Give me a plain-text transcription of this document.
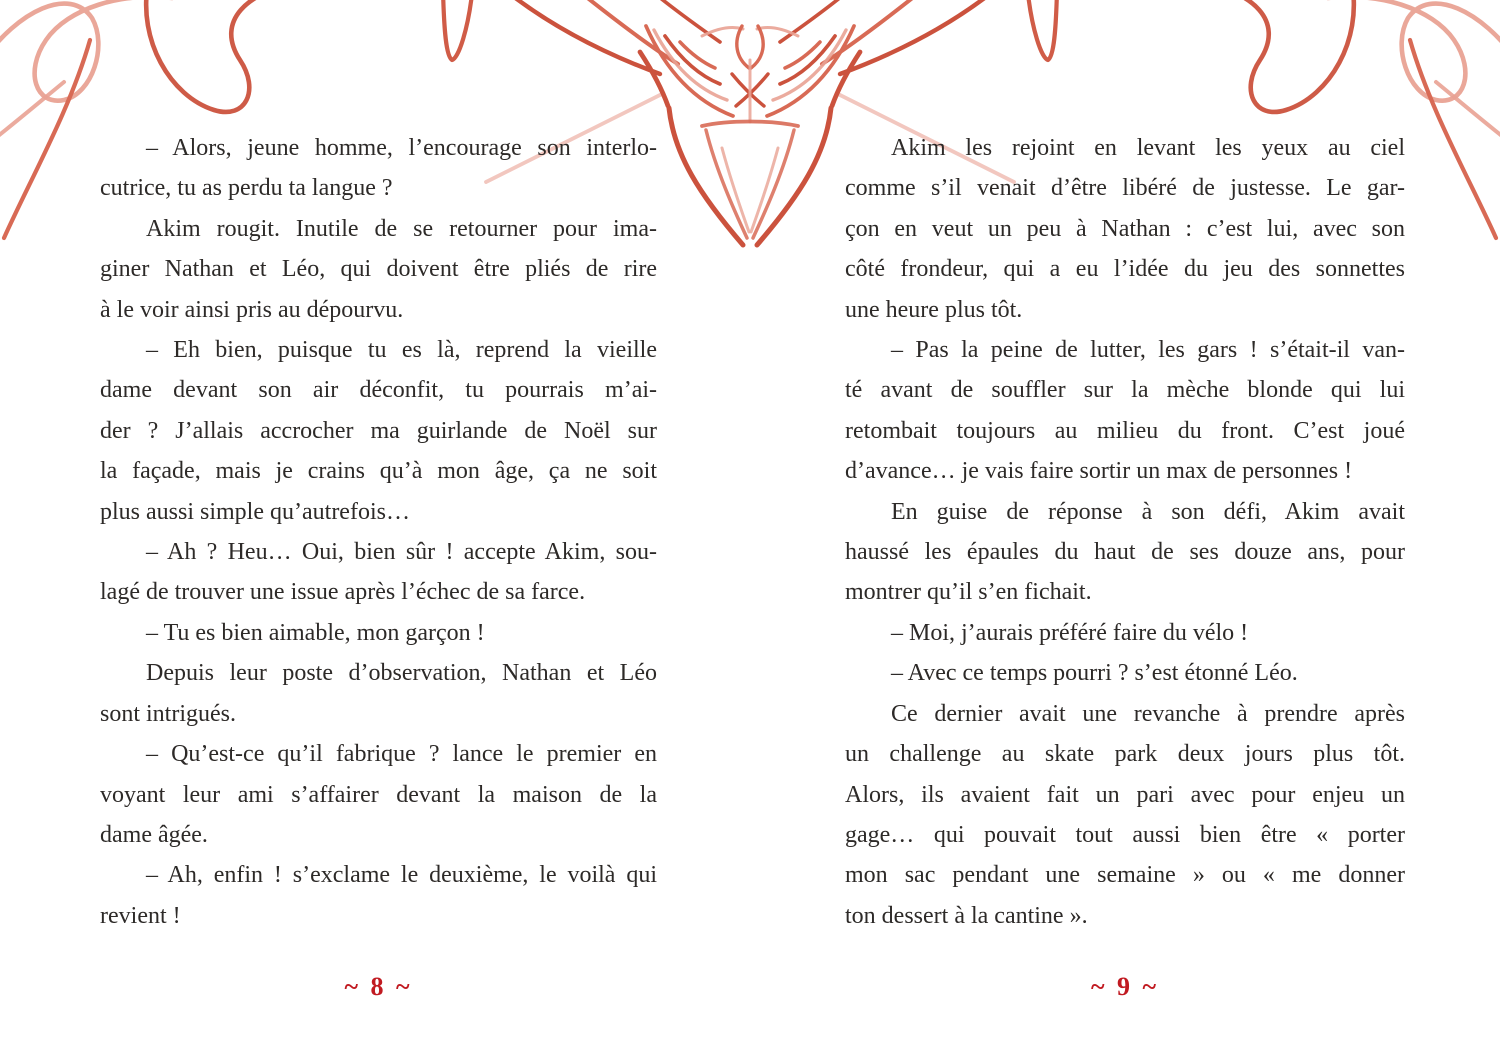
– Alors, jeune homme, l’encourage son interlo-
cutrice, tu as perdu ta langue ?
Akim rougit. Inutile de se retourner pour ima-
giner Nathan et Léo, qui doivent être pliés de rire
à le voir ainsi pris au dépourvu.
– Eh bien, puisque tu es là, reprend la vieille
dame devant son air déconfit, tu pourrais m’ai-
der ? J’allais accrocher ma guirlande de Noël sur
la façade, mais je crains qu’à mon âge, ça ne soit
plus aussi simple qu’autrefois…
– Ah ? Heu… Oui, bien sûr ! accepte Akim, sou-
lagé de trouver une issue après l’échec de sa farce.
– Tu es bien aimable, mon garçon !
Depuis leur poste d’observation, Nathan et Léo
sont intrigués.
– Qu’est-ce qu’il fabrique ? lance le premier en
voyant leur ami s’affairer devant la maison de la
dame âgée.
– Ah, enfin ! s’exclame le deuxième, le voilà qui
revient !
~ 8 ~
Akim les rejoint en levant les yeux au ciel
comme s’il venait d’être libéré de justesse. Le gar-
çon en veut un peu à Nathan : c’est lui, avec son
côté frondeur, qui a eu l’idée du jeu des sonnettes
une heure plus tôt.
– Pas la peine de lutter, les gars ! s’était-il van-
té avant de souffler sur la mèche blonde qui lui
retombait toujours au milieu du front. C’est joué
d’avance… je vais faire sortir un max de personnes !
En guise de réponse à son défi, Akim avait
haussé les épaules du haut de ses douze ans, pour
montrer qu’il s’en fichait.
– Moi, j’aurais préféré faire du vélo !
– Avec ce temps pourri ? s’est étonné Léo.
Ce dernier avait une revanche à prendre après
un challenge au skate park deux jours plus tôt.
Alors, ils avaient fait un pari avec pour enjeu un
gage… qui pouvait tout aussi bien être « porter
mon sac pendant une semaine » ou « me donner
ton dessert à la cantine ».
~ 9 ~
